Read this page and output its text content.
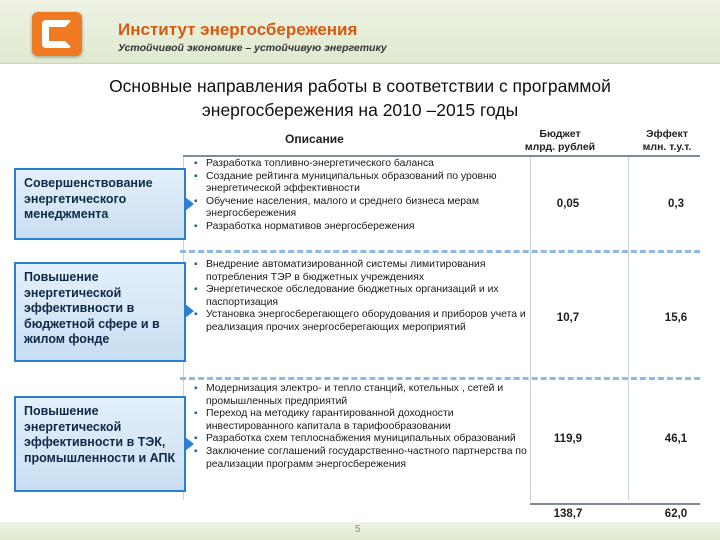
Институт энергосбережения
Устойчивой экономике – устойчивую энергетику
Основные направления работы в соответствии с программой
энергосбережения на 2010 –2015 годы
Описание	Бюджет
млрд. рублей
Эффект
млн. т.у.т.
Совершенствование энергетического менеджмента
▪ Разработка топливно-энергетического баланса
▪ Создание рейтинга муниципальных образований по уровню энергетической эффективности
▪ Обучение населения, малого и среднего бизнеса мерам энергосбережения
▪ Разработка нормативов энергосбережения
0,05	0,3
Повышение энергетической эффективности в бюджетной сфере и в жилом фонде
▪ Внедрение автоматизированной системы лимитирования потребления ТЭР в бюджетных учреждениях
▪ Энергетическое обследование бюджетных организаций и их паспортизация
▪ Установка энергосберегающего оборудования и приборов учета и реализация прочих энергосберегающих мероприятий
10,7	15,6
Повышение энергетической эффективности в ТЭК, промышленности и АПК
▪ Модернизация электро- и тепло станций, котельных , сетей и промышленных предприятий
▪ Переход на методику гарантированной доходности инвестированного капитала в тарифообразовании
▪ Разработка схем теплоснабжения муниципальных образований
▪ Заключение соглашений государственно-частного партнерства по реализации программ энергосбережения
119,9	46,1
138,7	62,0
5
